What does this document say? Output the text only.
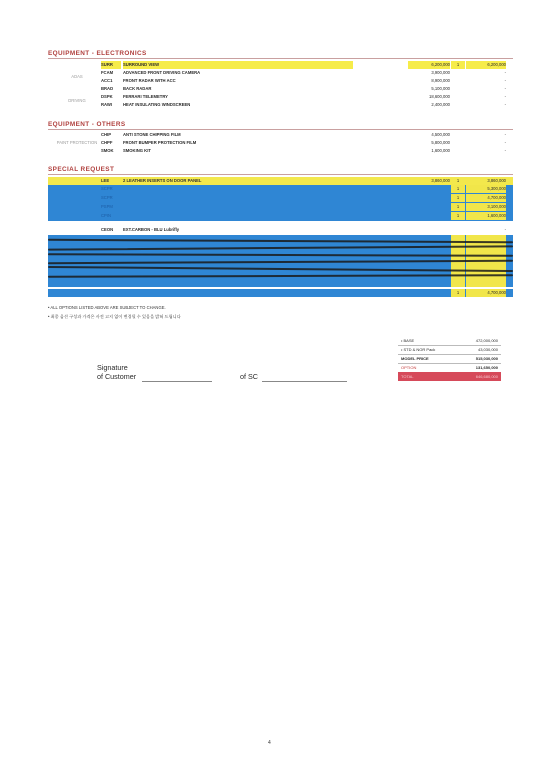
EQUIPMENT - ELECTRONICS
SURR	SURROUND VIEW	6,200,000	1	6,200,000
ADAS
FCAM	ADVANCED FRONT DRIVING CAMERA	3,900,000	-
ACC1	FRONT RADAR WITH ACC	8,900,000	-
BRAD	BACK RADAR	5,100,000	-
DRIVING
DSPK	FERRARI TELEMETRY	18,600,000	-
RAWI	HEAT INSULATING WINDSCREEN	2,400,000	-
EQUIPMENT - OTHERS
CHIP	ANTI STONE CHIPPING FILM	4,500,000	-
PAINT PROTECTION CHPF	FRONT BUMPER PROTECTION FILM	5,800,000	-
SMOK	SMOKING KIT	1,600,000	-
SPECIAL REQUEST
LEE	2 LEATHER INSERTS ON DOOR PANEL	3,860,000	1	3,860,000
SCPR	1	5,300,000
SCPR	1	4,700,000
PSPM	1	3,100,000
CPIN	1	1,600,000
CEON	EXT.CARBON - BLU Lubrifly	-
1	4,700,000
• ALL OPTIONS LISTED ABOVE ARE SUBJECT TO CHANGE.
• 최종 옵션 구성과 가격은 사전 고지 없이 변경될 수 있음을 밝혀 드립니다
• BASE	472,000,000
• STD & NOR Pack	43,030,000
MODEL PRICE	515,030,000
OPTION	131,650,000
TOTAL	646,680,000
Signature
of Customer	of SC
4
